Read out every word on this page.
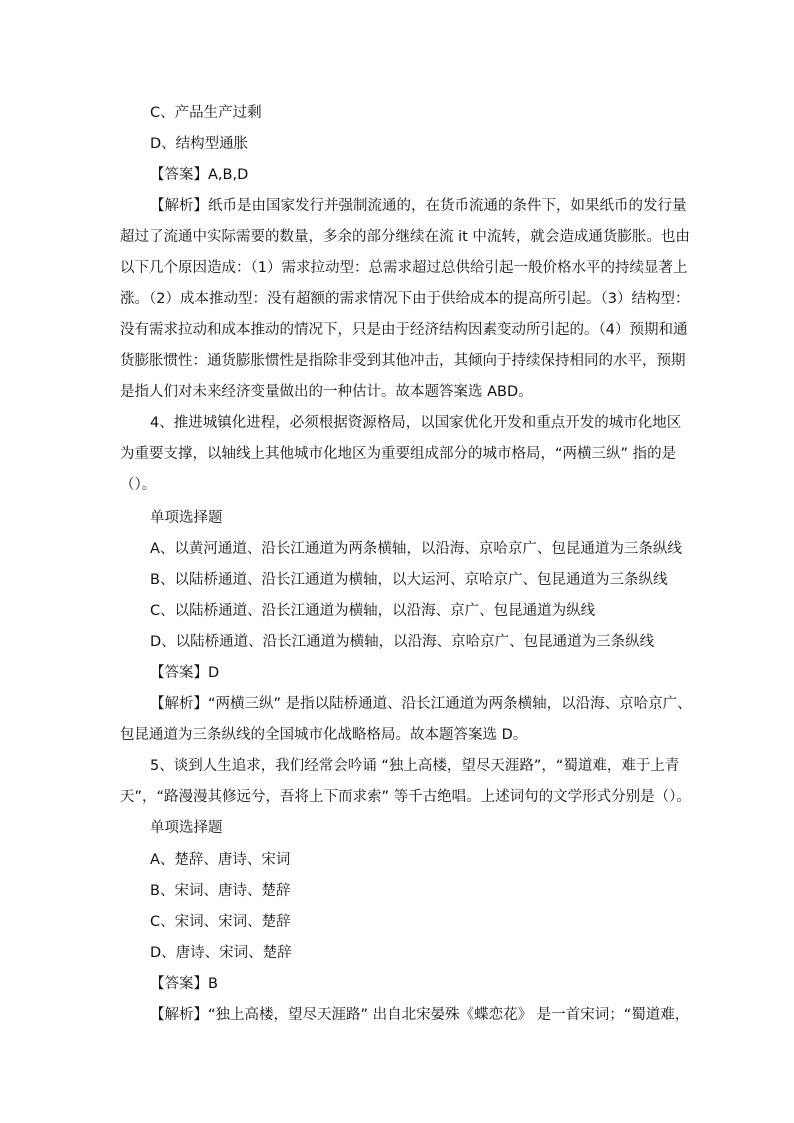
C、产品生产过剩
D、结构型通胀
【答案】A,B,D
【解析】纸币是由国家发行并强制流通的，在货币流通的条件下，如果纸币的发行量
超过了流通中实际需要的数量，多余的部分继续在流 it 中流转，就会造成通货膨胀。也由
以下几个原因造成：（1）需求拉动型：总需求超过总供给引起一般价格水平的持续显著上
涨。（2）成本推动型：没有超额的需求情况下由于供给成本的提高所引起。（3）结构型：
没有需求拉动和成本推动的情况下，只是由于经济结构因素变动所引起的。（4）预期和通
货膨胀惯性：通货膨胀惯性是指除非受到其他冲击，其倾向于持续保持相同的水平，预期
是指人们对未来经济变量做出的一种估计。故本题答案选 ABD。
4、推进城镇化进程，必须根据资源格局，以国家优化开发和重点开发的城市化地区
为重要支撑，以轴线上其他城市化地区为重要组成部分的城市格局，“两横三纵” 指的是
（）。
单项选择题
A、以黄河通道、沿长江通道为两条横轴，以沿海、京哈京广、包昆通道为三条纵线
B、以陆桥通道、沿长江通道为横轴，以大运河、京哈京广、包昆通道为三条纵线
C、以陆桥通道、沿长江通道为横轴，以沿海、京广、包昆通道为纵线
D、以陆桥通道、沿长江通道为横轴，以沿海、京哈京广、包昆通道为三条纵线
【答案】D
【解析】“两横三纵” 是指以陆桥通道、沿长江通道为两条横轴，以沿海、京哈京广、
包昆通道为三条纵线的全国城市化战略格局。故本题答案选 D。
5、谈到人生追求，我们经常会吟诵 “独上高楼，望尽天涯路”，“蜀道难，难于上青
天”，“路漫漫其修远兮，吾将上下而求索” 等千古绝唱。上述词句的文学形式分别是（）。
单项选择题
A、楚辞、唐诗、宋词
B、宋词、唐诗、楚辞
C、宋词、宋词、楚辞
D、唐诗、宋词、楚辞
【答案】B
【解析】“独上高楼，望尽天涯路” 出自北宋晏殊《蝶恋花》 是一首宋词；“蜀道难，
